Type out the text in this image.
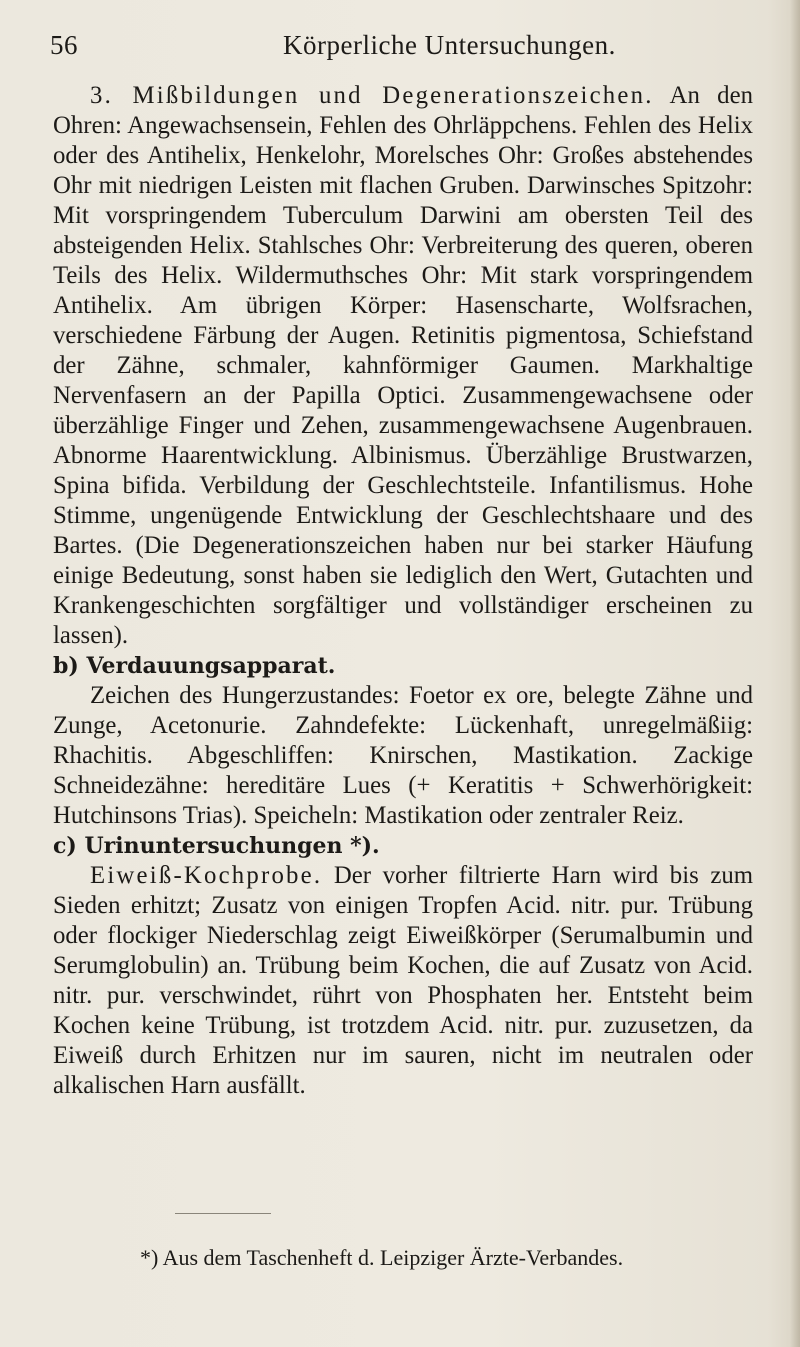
56	Körperliche Untersuchungen.

3. Mißbildungen und Degenerationszeichen. An den Ohren: Angewachsensein, Fehlen des Ohrläppchens. Fehlen des Helix oder des Antihelix, Henkelohr, Morelsches Ohr: Großes abstehendes Ohr mit niedrigen Leisten mit flachen Gruben. Darwinsches Spitzohr: Mit vorspringendem Tuberculum Darwini am obersten Teil des absteigenden Helix. Stahlsches Ohr: Verbreiterung des queren, oberen Teils des Helix. Wildermuthsches Ohr: Mit stark vorspringendem Antihelix. Am übrigen Körper: Hasenscharte, Wolfsrachen, verschiedene Färbung der Augen. Retinitis pigmentosa, Schiefstand der Zähne, schmaler, kahnförmiger Gaumen. Markhaltige Nervenfasern an der Papilla Optici. Zusammengewachsene oder überzählige Finger und Zehen, zusammengewachsene Augenbrauen. Abnorme Haarentwicklung. Albinismus. Überzählige Brustwarzen, Spina bifida. Verbildung der Geschlechtsteile. Infantilismus. Hohe Stimme, ungenügende Entwicklung der Geschlechtshaare und des Bartes. (Die Degenerationszeichen haben nur bei starker Häufung einige Bedeutung, sonst haben sie lediglich den Wert, Gutachten und Krankengeschichten sorgfältiger und vollständiger erscheinen zu lassen).

b) Verdauungsapparat.

Zeichen des Hungerzustandes: Foetor ex ore, belegte Zähne und Zunge, Acetonurie. Zahndefekte: Lückenhaft, unregelmäßiig: Rhachitis. Abgeschliffen: Knirschen, Mastikation. Zackige Schneidezähne: hereditäre Lues (+ Keratitis + Schwerhörigkeit: Hutchinsons Trias). Speicheln: Mastikation oder zentraler Reiz.

c) Urinuntersuchungen *).

Eiweiß-Kochprobe. Der vorher filtrierte Harn wird bis zum Sieden erhitzt; Zusatz von einigen Tropfen Acid. nitr. pur. Trübung oder flockiger Niederschlag zeigt Eiweißkörper (Serumalbumin und Serumglobulin) an. Trübung beim Kochen, die auf Zusatz von Acid. nitr. pur. verschwindet, rührt von Phosphaten her. Entsteht beim Kochen keine Trübung, ist trotzdem Acid. nitr. pur. zuzusetzen, da Eiweiß durch Erhitzen nur im sauren, nicht im neutralen oder alkalischen Harn ausfällt.

*) Aus dem Taschenheft d. Leipziger Ärzte-Verbandes.
